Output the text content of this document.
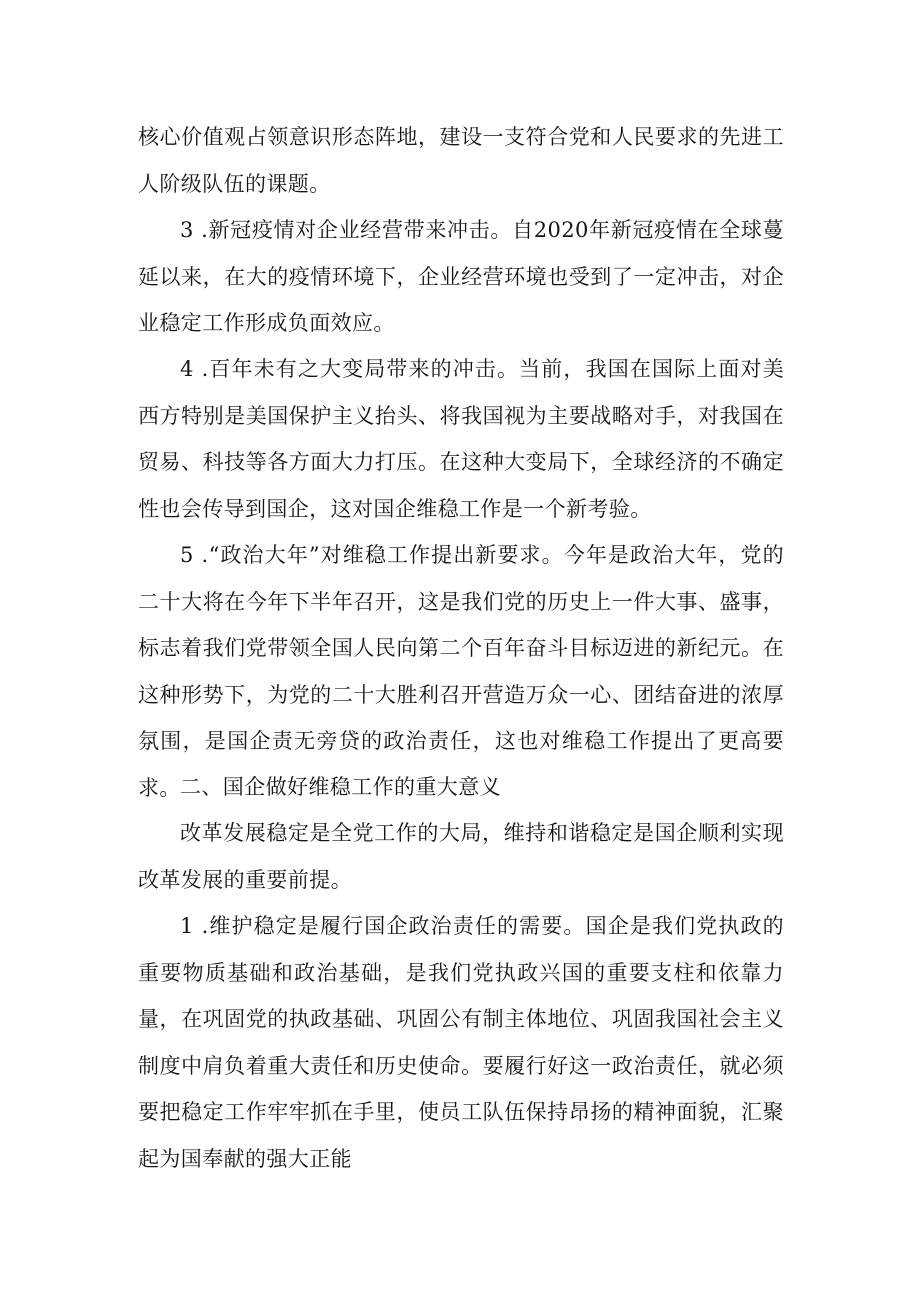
核心价值观占领意识形态阵地，建设一支符合党和人民要求的先进工人阶级队伍的课题。

3 .新冠疫情对企业经营带来冲击。自2020年新冠疫情在全球蔓延以来，在大的疫情环境下，企业经营环境也受到了一定冲击，对企业稳定工作形成负面效应。

4 .百年未有之大变局带来的冲击。当前，我国在国际上面对美西方特别是美国保护主义抬头、将我国视为主要战略对手，对我国在贸易、科技等各方面大力打压。在这种大变局下，全球经济的不确定性也会传导到国企，这对国企维稳工作是一个新考验。

5 .“政治大年”对维稳工作提出新要求。今年是政治大年，党的二十大将在今年下半年召开，这是我们党的历史上一件大事、盛事，标志着我们党带领全国人民向第二个百年奋斗目标迈进的新纪元。在这种形势下，为党的二十大胜利召开营造万众一心、团结奋进的浓厚氛围，是国企责无旁贷的政治责任，这也对维稳工作提出了更高要求。 二、国企做好维稳工作的重大意义

改革发展稳定是全党工作的大局，维持和谐稳定是国企顺利实现改革发展的重要前提。

1 .维护稳定是履行国企政治责任的需要。国企是我们党执政的重要物质基础和政治基础，是我们党执政兴国的重要支柱和依靠力量，在巩固党的执政基础、巩固公有制主体地位、巩固我国社会主义制度中肩负着重大责任和历史使命。要履行好这一政治责任，就必须要把稳定工作牢牢抓在手里，使员工队伍保持昂扬的精神面貌，汇聚起为国奉献的强大正能
